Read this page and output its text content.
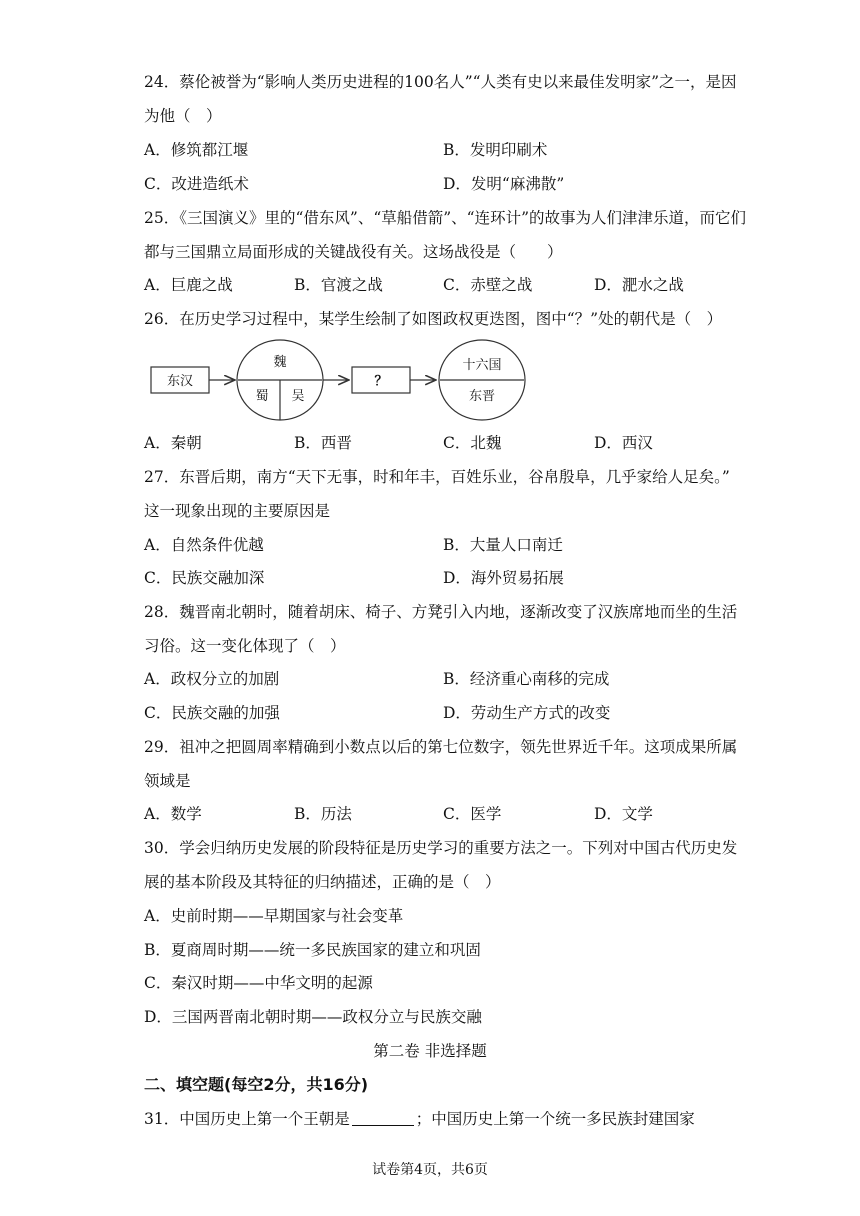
24．蔡伦被誉为“影响人类历史进程的100名人”“人类有史以来最佳发明家”之一，是因
为他（　）
A．修筑都江堰	B．发明印刷术
C．改进造纸术	D．发明“麻沸散”
25．《三国演义》里的“借东风”、“草船借箭”、“连环计”的故事为人们津津乐道，而它们
都与三国鼎立局面形成的关键战役有关。这场战役是（　　）
A．巨鹿之战	B．官渡之战	C．赤壁之战	D．淝水之战
26．在历史学习过程中，某学生绘制了如图政权更迭图，图中“？”处的朝代是（　）
东汉
魏
蜀 吴
？
十六国
东晋
A．秦朝	B．西晋	C．北魏	D．西汉
27．东晋后期，南方“天下无事，时和年丰，百姓乐业，谷帛殷阜，几乎家给人足矣。”
这一现象出现的主要原因是
A．自然条件优越	B．大量人口南迁
C．民族交融加深	D．海外贸易拓展
28．魏晋南北朝时，随着胡床、椅子、方凳引入内地，逐渐改变了汉族席地而坐的生活
习俗。这一变化体现了（　）
A．政权分立的加剧	B．经济重心南移的完成
C．民族交融的加强	D．劳动生产方式的改变
29．祖冲之把圆周率精确到小数点以后的第七位数字，领先世界近千年。这项成果所属
领域是
A．数学	B．历法	C．医学	D．文学
30．学会归纳历史发展的阶段特征是历史学习的重要方法之一。下列对中国古代历史发
展的基本阶段及其特征的归纳描述，正确的是（　）
A．史前时期——早期国家与社会变革
B．夏商周时期——统一多民族国家的建立和巩固
C．秦汉时期——中华文明的起源
D．三国两晋南北朝时期——政权分立与民族交融
第二卷 非选择题
二、填空题(每空2分，共16分)
31．中国历史上第一个王朝是	；中国历史上第一个统一多民族封建国家
试卷第4页，共6页
